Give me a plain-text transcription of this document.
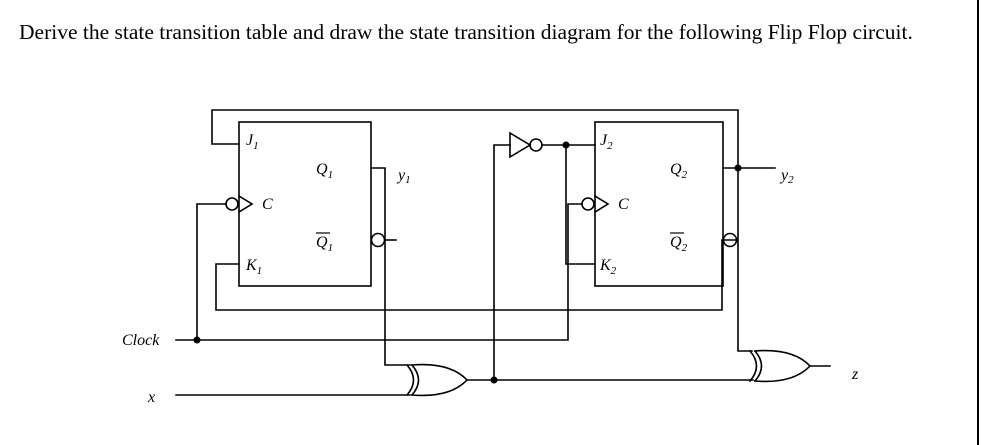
Derive the state transition table and draw the state transition diagram for the following Flip Flop circuit.
$J_1$
$K_1$
C
$Q_1$
$Q_1$
$J_2$
$K_2$
C
$Q_2$
$Q_2$
y1	y2
Clock
x
z
